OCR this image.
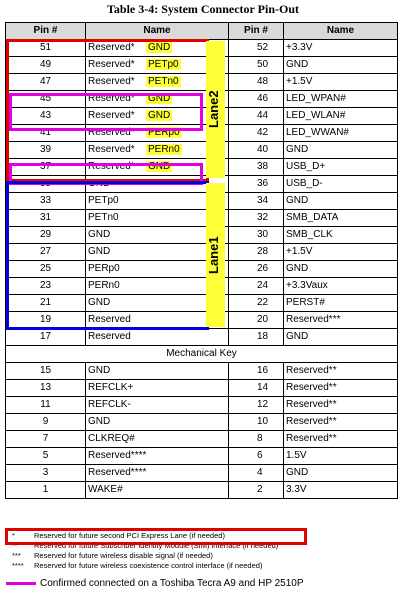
Table 3-4: System Connector Pin-Out
Pin #	Name	Pin #	Name
51	Reserved* GND	52	+3.3V
49	Reserved* PETp0	50	GND
47	Reserved* PETn0	48	+1.5V
45	Reserved* GND	46	LED_WPAN#
43	Reserved* GND	44	LED_WLAN#
41	Reserved* PERp0	42	LED_WWAN#
39	Reserved* PERn0	40	GND
37	Reserved* GND	38	USB_D+
35	GND	36	USB_D-
33	PETp0	34	GND
31	PETn0	32	SMB_DATA
29	GND	30	SMB_CLK
27	GND	28	+1.5V
25	PERp0	26	GND
23	PERn0	24	+3.3Vaux
21	GND	22	PERST#
19	Reserved	20	Reserved***
17	Reserved	18	GND
Mechanical Key			
15	GND	16	Reserved**
13	REFCLK+	14	Reserved**
11	REFCLK-	12	Reserved**
9	GND	10	Reserved**
7	CLKREQ#	8	Reserved**
5	Reserved****	6	1.5V
3	Reserved****	4	GND
1	WAKE#	2	3.3V
Lane2
Lane1
*	Reserved for future second PCI Express Lane (if needed)
** Reserved for future Subscriber Identity Module (SIM) interface (if needed)
*** Reserved for future wireless disable signal (if needed)
**** Reserved for future wireless coexistence control interface (if needed)
Confirmed connected on a Toshiba Tecra A9 and HP 2510P
